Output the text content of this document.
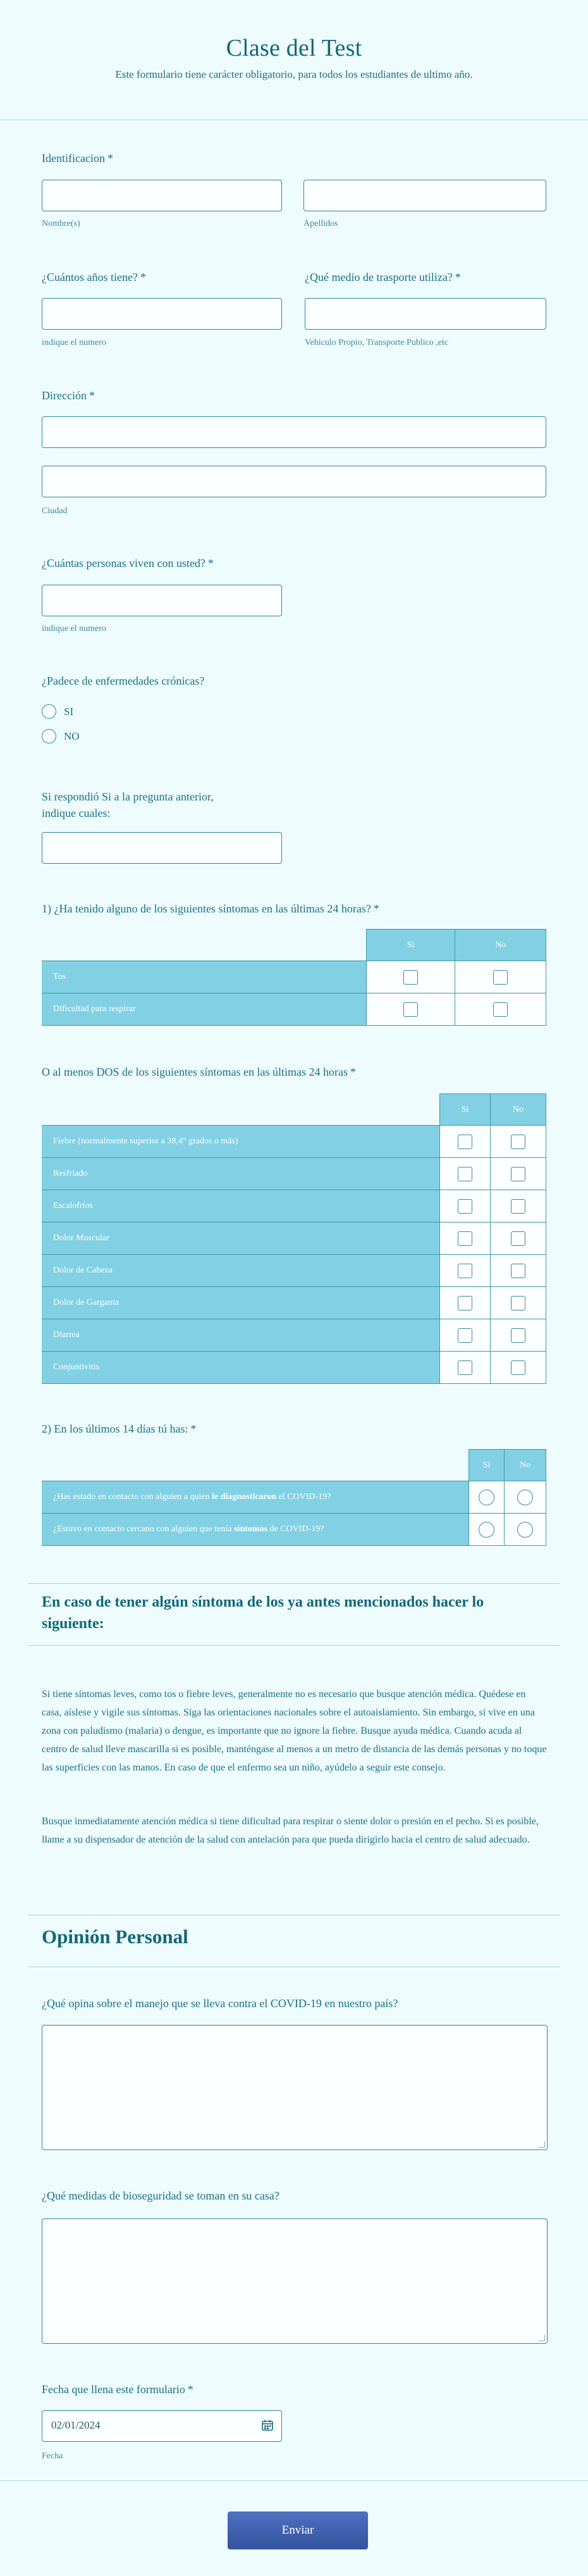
Clase del Test

Este formulario tiene carácter obligatorio, para todos los estudiantes de ultimo año.

Identificacion *
Nombre(s)	Apellidos
¿Cuántos años tiene? *	¿Qué medio de trasporte utiliza? *
indique el numero	Vehiculo Propio, Transporte Publico ,etc
Dirección *
Ciudad
¿Cuántas personas viven con usted? *
indique el numero
¿Padece de enfermedades crónicas?
SI
NO
Si respondió Si a la pregunta anterior,
indique cuales:
1) ¿Ha tenido alguno de los siguientes síntomas en las últimas 24 horas? *
	Si	No
Tos		
Dificultad para respirar		
O al menos DOS de los siguientes síntomas en las últimas 24 horas *
	Si	No
Fiebre (normalmente superior a 38,4° grados o más)		
Resfriado		
Escalofríos		
Dolor Muscular		
Dolor de Cabeza		
Dolor de Garganta		
Diarrea		
Conjuntivitis		
2) En los últimos 14 días tú has: *
	Si	No
¿Has estado en contacto con alguien a quien le diagnosticaron el COVID-19?		
¿Estuvo en contacto cercano con alguien que tenía síntomas de COVID-19?		
En caso de tener algún síntoma de los ya antes mencionados hacer lo siguiente:
Si tiene síntomas leves, como tos o fiebre leves, generalmente no es necesario que busque atención médica. Quédese en casa, aíslese y vigile sus síntomas. Siga las orientaciones nacionales sobre el autoaislamiento. Sin embargo, si vive en una zona con paludismo (malaria) o dengue, es importante que no ignore la fiebre. Busque ayuda médica. Cuando acuda al centro de salud lleve mascarilla si es posible, manténgase al menos a un metro de distancia de las demás personas y no toque las superficies con las manos. En caso de que el enfermo sea un niño, ayúdelo a seguir este consejo.
Busque inmediatamente atención médica si tiene dificultad para respirar o siente dolor o presión en el pecho. Si es posible, llame a su dispensador de atención de la salud con antelación para que pueda dirigirlo hacia el centro de salud adecuado.
Opinión Personal
¿Qué opina sobre el manejo que se lleva contra el COVID-19 en nuestro país?
¿Qué medidas de bioseguridad se toman en su casa?
Fecha que llena este formulario *
02/01/2024
Fecha
Enviar
